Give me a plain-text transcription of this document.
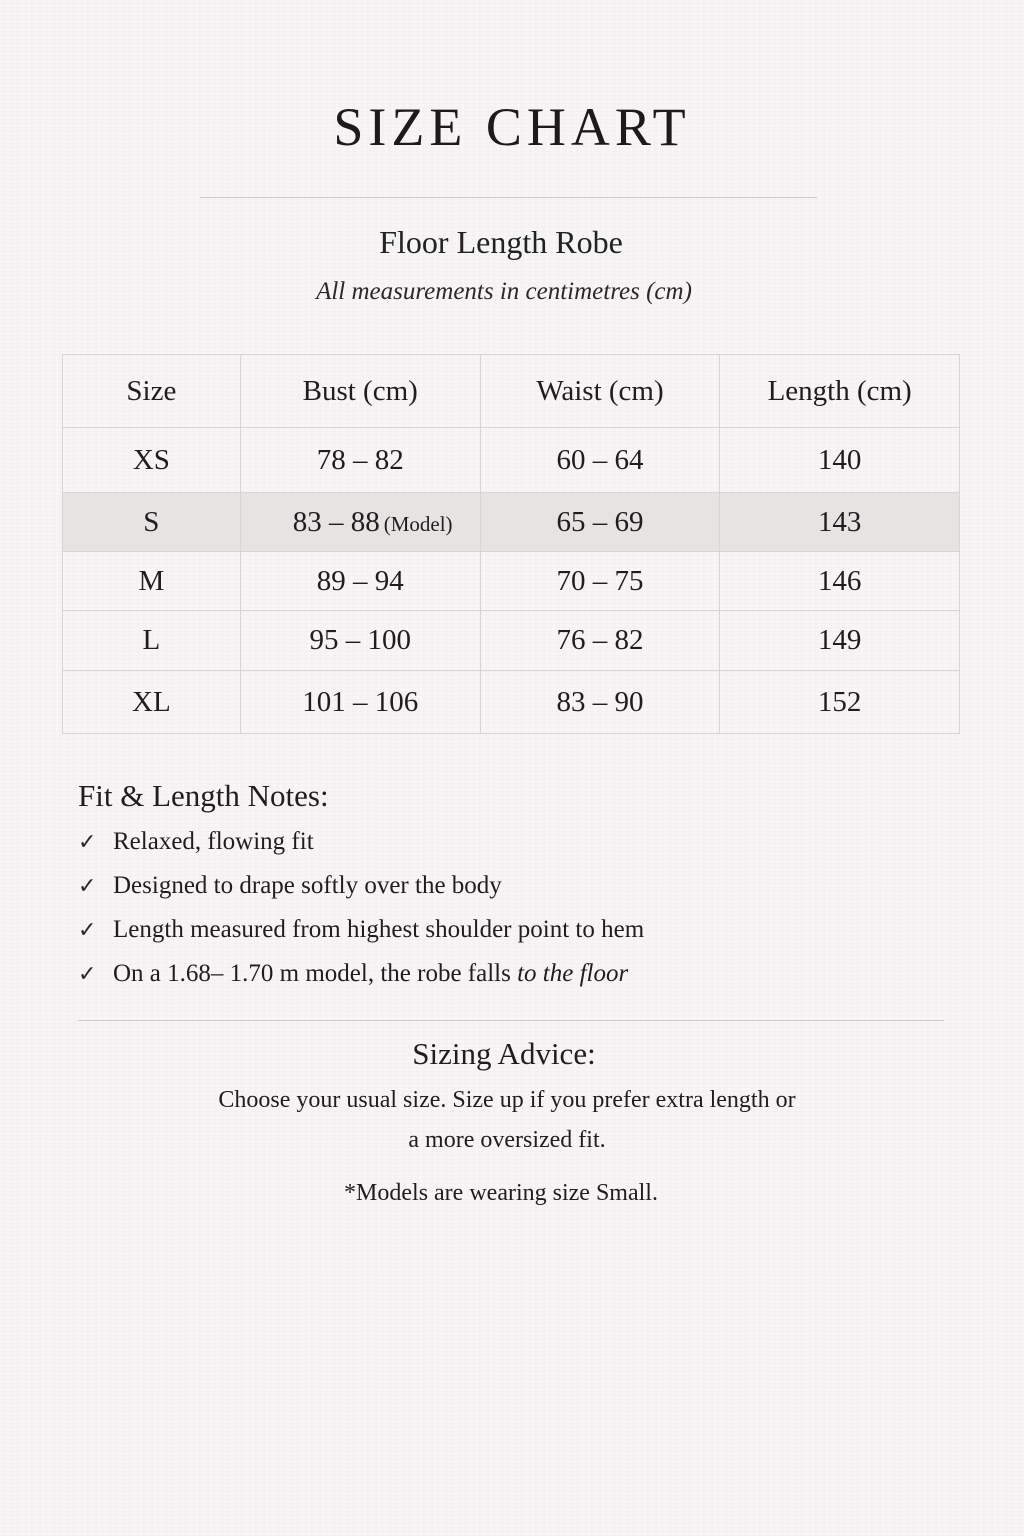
SIZE CHART
Floor Length Robe
All measurements in centimetres (cm)
Size	Bust (cm)	Waist (cm)	Length (cm)
XS	78 – 82	60 – 64	140
S	83 – 88 (Model)	65 – 69	143
M	89 – 94	70 – 75	146
L	95 – 100	76 – 82	149
XL	101 – 106	83 – 90	152
Fit & Length Notes:
✓ Relaxed, flowing fit
✓ Designed to drape softly over the body
✓ Length measured from highest shoulder point to hem
✓ On a 1.68– 1.70 m model, the robe falls to the floor
Sizing Advice:
Choose your usual size. Size up if you prefer extra length or
a more oversized fit.
*Models are wearing size Small.
